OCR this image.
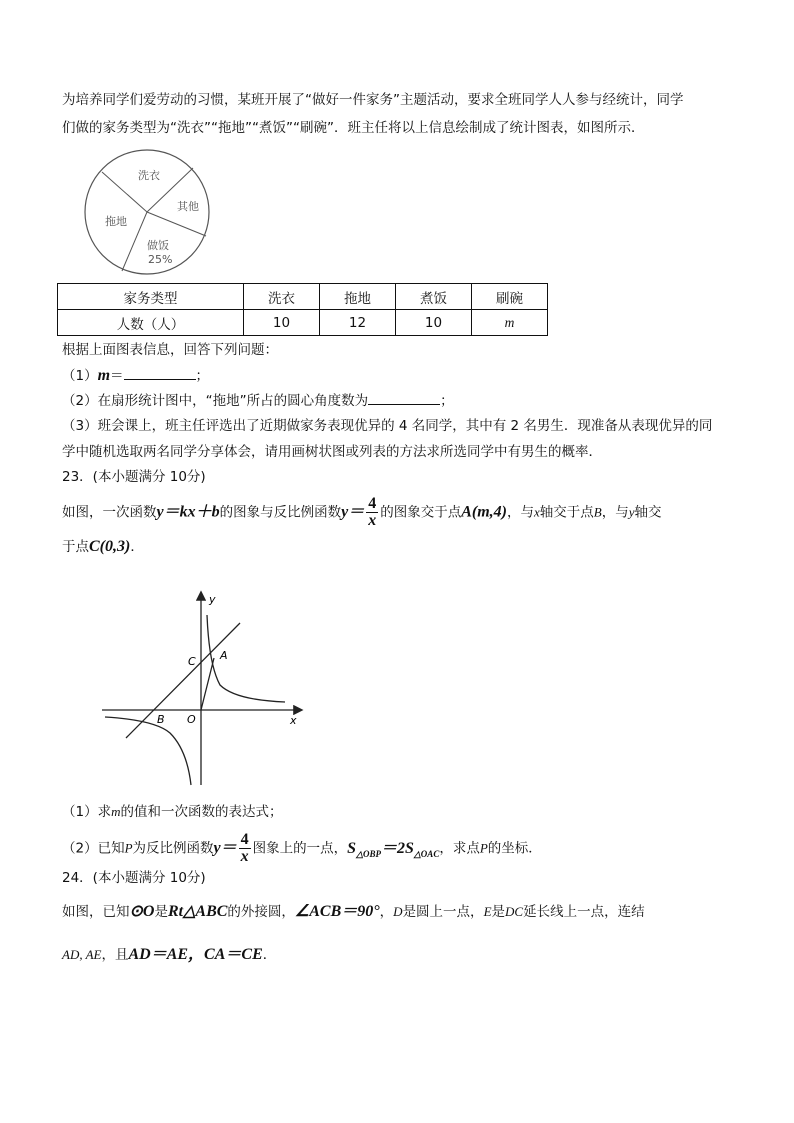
为培养同学们爱劳动的习惯，某班开展了“做好一件家务”主题活动，要求全班同学人人参与经统计，同学
们做的家务类型为“洗衣”“拖地”“煮饭”“刷碗”．班主任将以上信息绘制成了统计图表，如图所示．
洗衣
其他
拖地
做饭
25%
家务类型	洗衣	拖地	煮饭	刷碗
人数（人）	10	12	10	m
根据上面图表信息，回答下列问题：
（1）m＝	；
（2）在扇形统计图中，“拖地”所占的圆心角度数为	；
（3）班会课上，班主任评选出了近期做家务表现优异的 4 名同学，其中有 2 名男生．现准备从表现优异的同
学中随机选取两名同学分享体会，请用画树状图或列表的方法求所选同学中有男生的概率．
23．(本小题满分 10分)
如图，一次函数y＝kx＋b的图象与反比例函数$y= \frac{4}{x}$ 的图象交于点A(m,4)，与x轴交于点B，与y轴交
于点C(0,3)．
y
x
C A
B O
（1）求m的值和一次函数的表达式；
（2）已知P为反比例函数$y= \frac{4}{x}$ 图象上的一点，$S_{\triangle OBP}=2S_{\triangle OAC}$，求点P的坐标．
24．(本小题满分 10分)
如图，已知⊙O是Rt△ABC的外接圆，∠ACB＝90°，D是圆上一点，E是DC延长线上一点，连结
AD, AE，且AD＝AE，CA＝CE．
